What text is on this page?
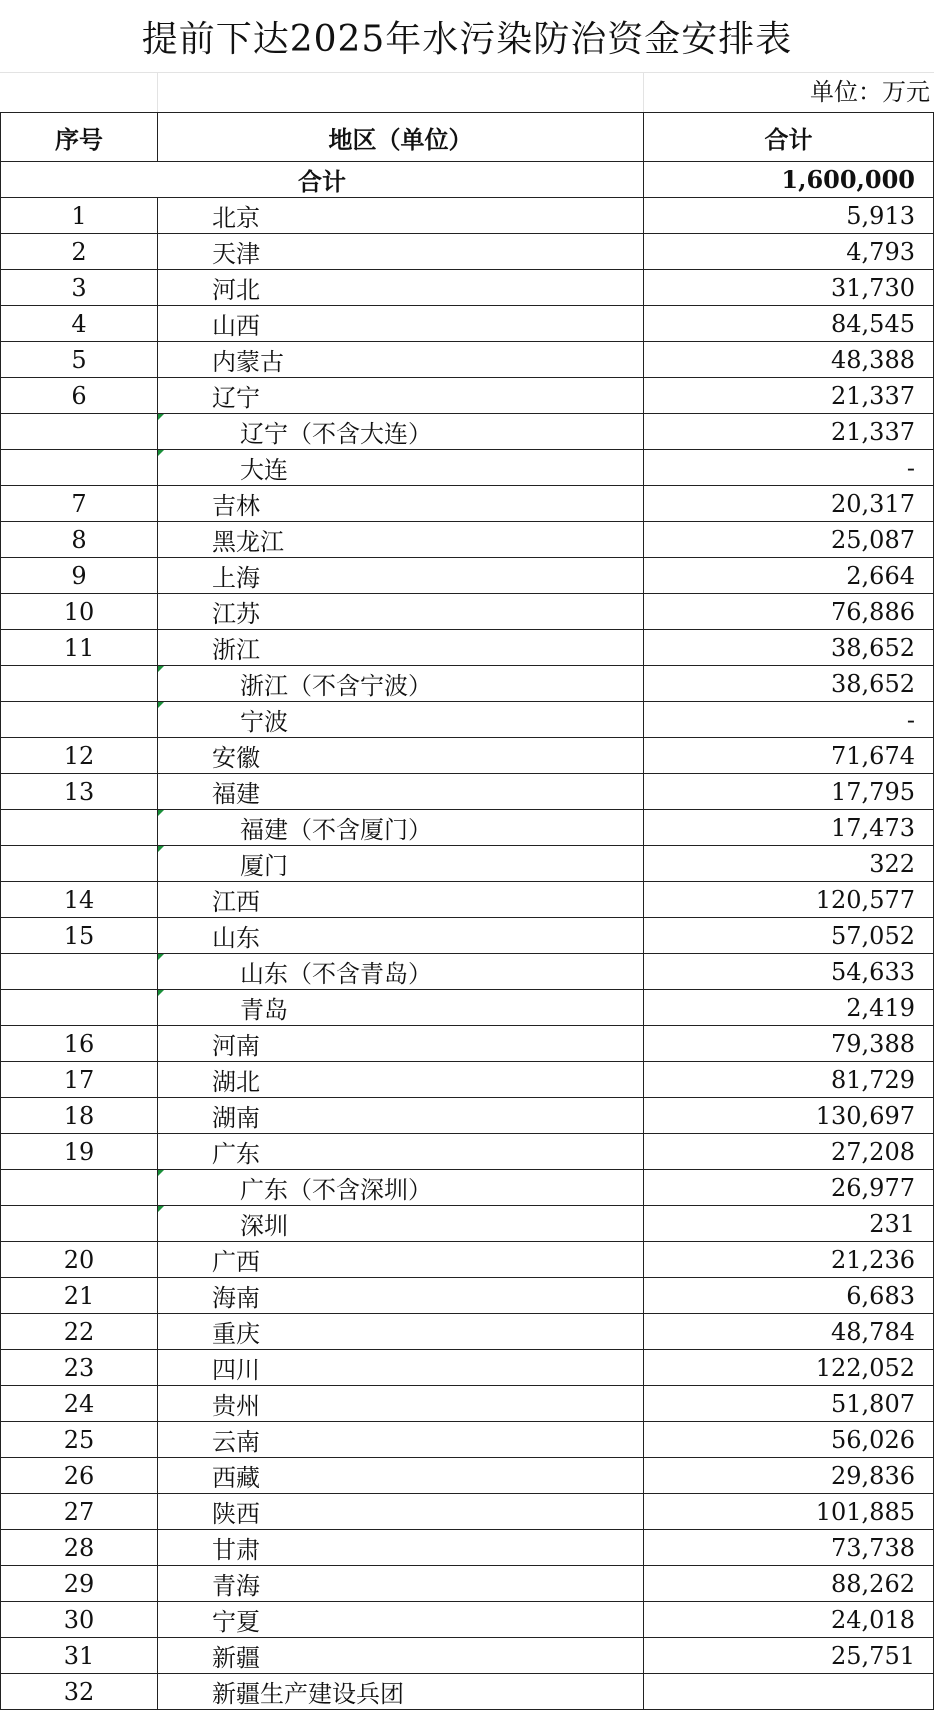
提前下达2025年水污染防治资金安排表
单位：万元
序号	地区（单位）	合计
合计		1,600,000
1	北京	5,913
2	天津	4,793
3	河北	31,730
4	山西	84,545
5	内蒙古	48,388
6	辽宁	21,337
	辽宁（不含大连）	21,337
	大连	-
7	吉林	20,317
8	黑龙江	25,087
9	上海	2,664
10	江苏	76,886
11	浙江	38,652
	浙江（不含宁波）	38,652
	宁波	-
12	安徽	71,674
13	福建	17,795
	福建（不含厦门）	17,473
	厦门	322
14	江西	120,577
15	山东	57,052
	山东（不含青岛）	54,633
	青岛	2,419
16	河南	79,388
17	湖北	81,729
18	湖南	130,697
19	广东	27,208
	广东（不含深圳）	26,977
	深圳	231
20	广西	21,236
21	海南	6,683
22	重庆	48,784
23	四川	122,052
24	贵州	51,807
25	云南	56,026
26	西藏	29,836
27	陕西	101,885
28	甘肃	73,738
29	青海	88,262
30	宁夏	24,018
31	新疆	25,751
32	新疆生产建设兵团	
